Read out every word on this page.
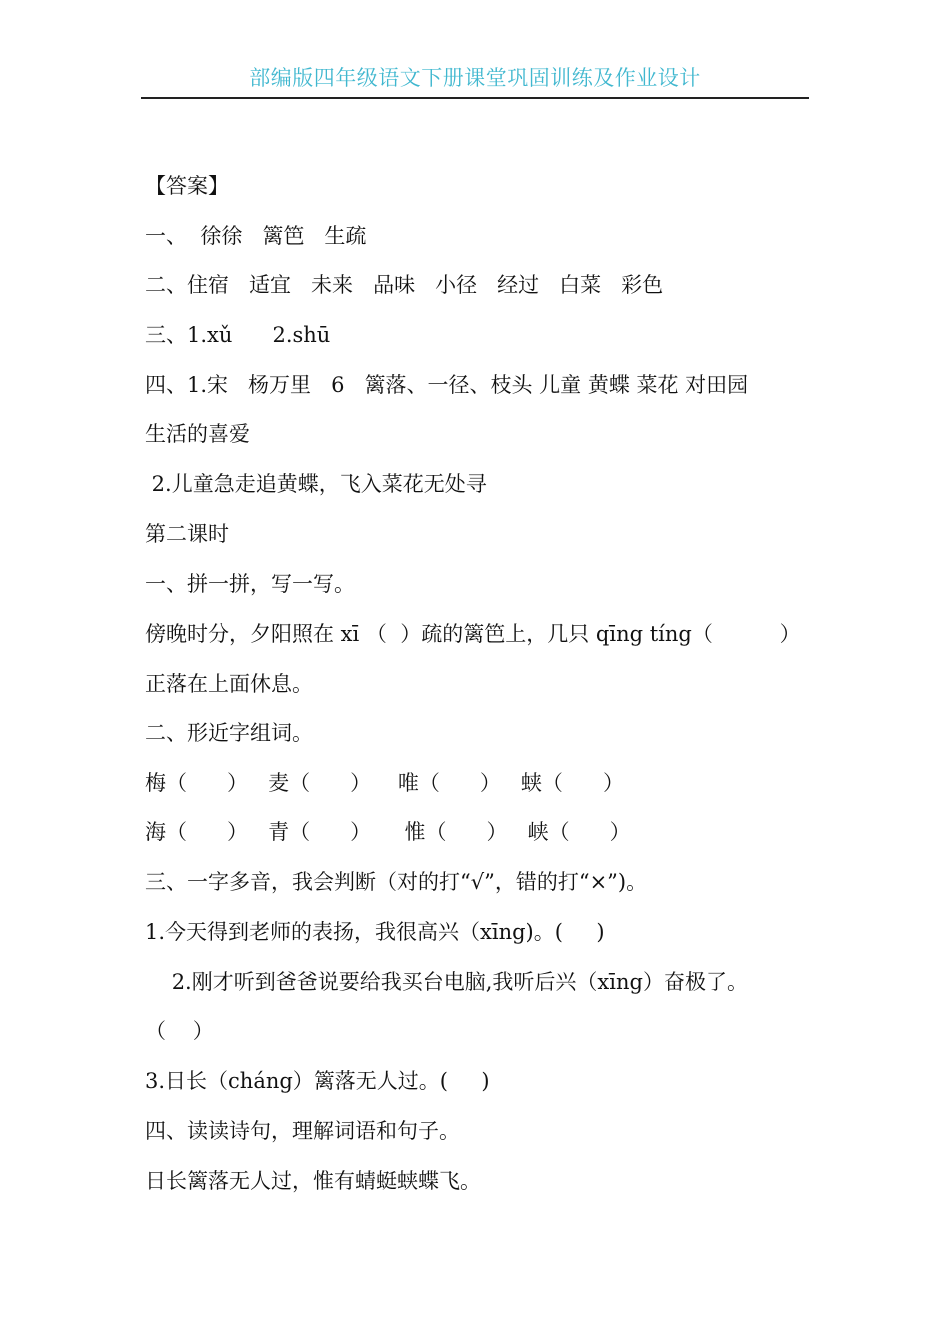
部编版四年级语文下册课堂巩固训练及作业设计
【答案】
一、  徐徐   篱笆   生疏
二、住宿   适宜   未来   品味   小径   经过   白菜   彩色
三、1.xǔ      2.shū
四、1.宋   杨万里   6   篱落、一径、枝头 儿童 黄蝶 菜花 对田园
生活的喜爱
2.儿童急走追黄蝶，飞入菜花无处寻
第二课时
一、拼一拼，写一写。
傍晚时分，夕阳照在 xī （  ）疏的篱笆上，几只 qīng tíng（          ）
正落在上面休息。
二、形近字组词。
梅（      ）   麦（      ）    唯（      ）   蛱（      ）
海（      ）   青（      ）     惟（      ）   峡（      ）
三、一字多音，我会判断（对的打“√”，错的打“×”)。
1.今天得到老师的表扬，我很高兴（xīng)。(     )
2.刚才听到爸爸说要给我买台电脑,我听后兴（xīng）奋极了。
（    ）
3.日长（cháng）篱落无人过。(     )
四、读读诗句，理解词语和句子。
日长篱落无人过，惟有蜻蜓蛱蝶飞。
